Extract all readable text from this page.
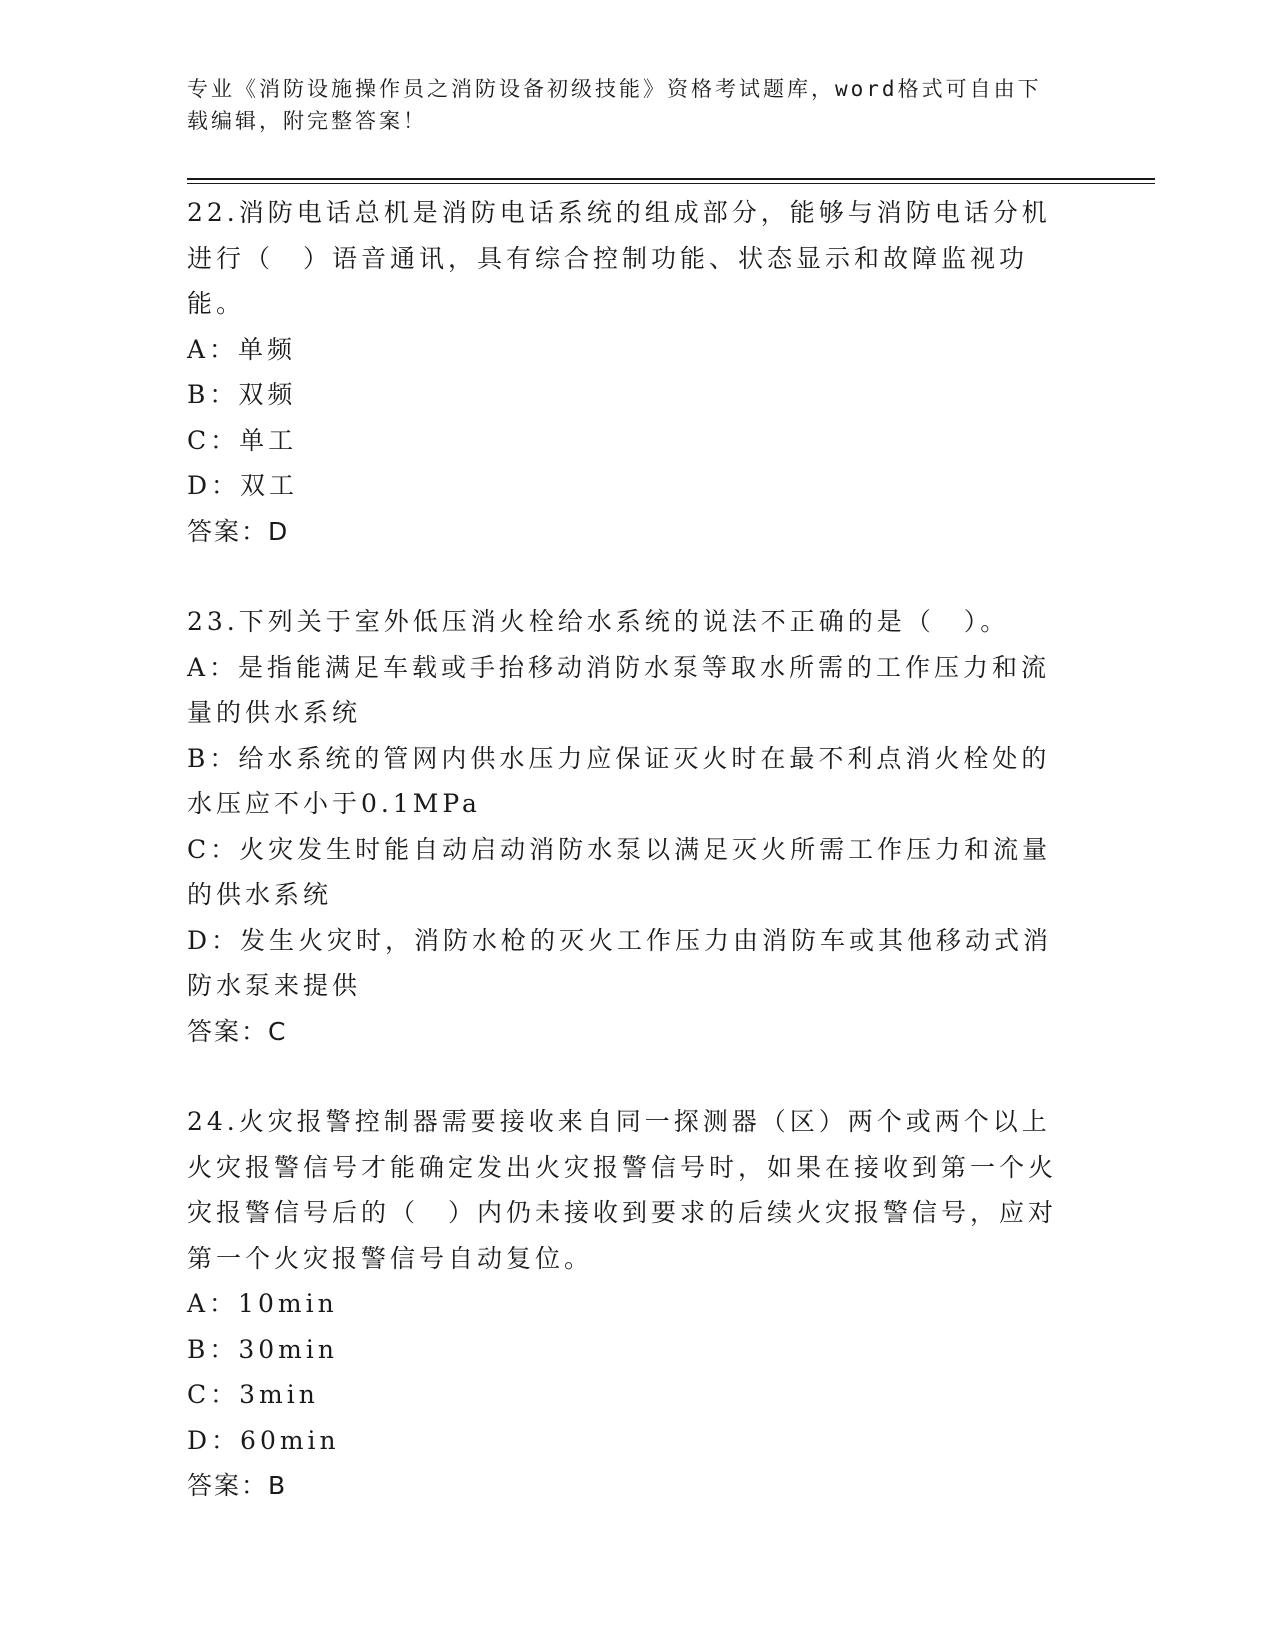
专业《消防设施操作员之消防设备初级技能》资格考试题库，word格式可自由下
载编辑，附完整答案！

22.消防电话总机是消防电话系统的组成部分，能够与消防电话分机进行（　）语音通讯，具有综合控制功能、状态显示和故障监视功能。

A：单频

B：双频

C：单工

D：双工

答案：D

23.下列关于室外低压消火栓给水系统的说法不正确的是（　）。

A：是指能满足车载或手抬移动消防水泵等取水所需的工作压力和流量的供水系统

B：给水系统的管网内供水压力应保证灭火时在最不利点消火栓处的水压应不小于0.1MPa

C：火灾发生时能自动启动消防水泵以满足灭火所需工作压力和流量的供水系统

D：发生火灾时，消防水枪的灭火工作压力由消防车或其他移动式消防水泵来提供

答案：C

24.火灾报警控制器需要接收来自同一探测器（区）两个或两个以上火灾报警信号才能确定发出火灾报警信号时，如果在接收到第一个火灾报警信号后的（　）内仍未接收到要求的后续火灾报警信号，应对第一个火灾报警信号自动复位。

A：10min

B：30min

C：3min

D：60min

答案：B
